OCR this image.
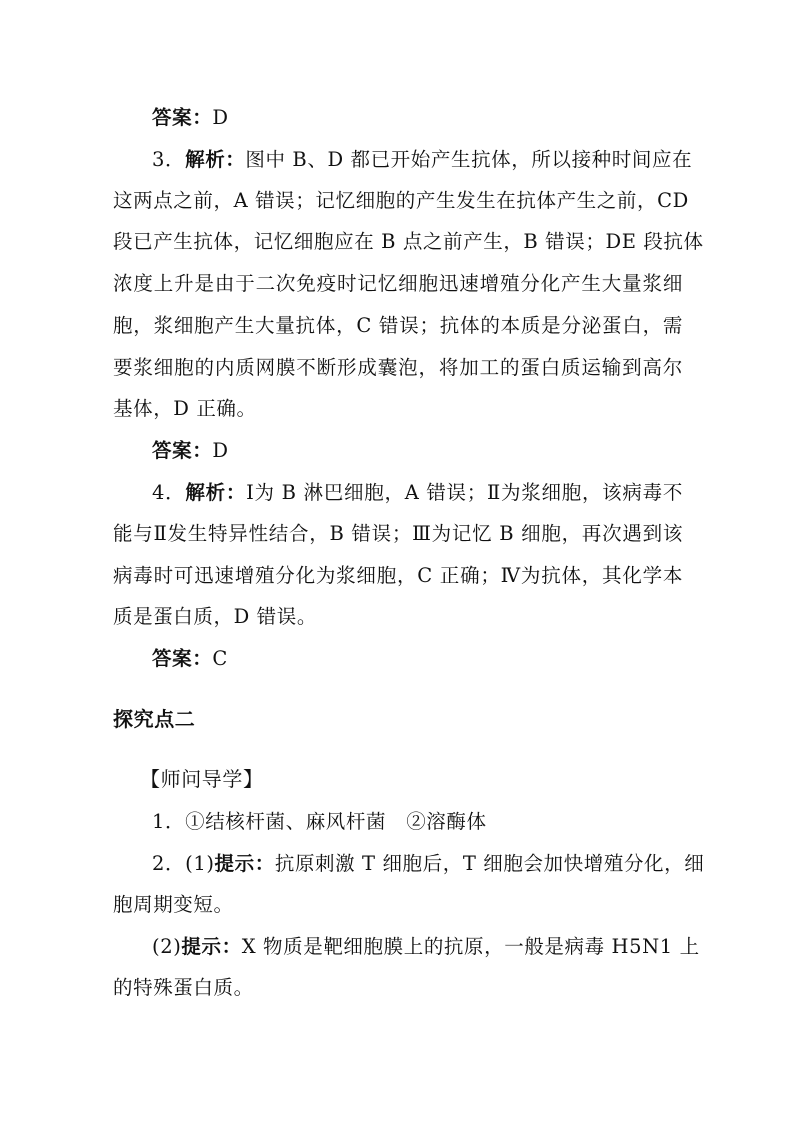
答案：D
3．解析：图中 B、D 都已开始产生抗体，所以接种时间应在
这两点之前，A 错误；记忆细胞的产生发生在抗体产生之前，CD
段已产生抗体，记忆细胞应在 B 点之前产生，B 错误；DE 段抗体
浓度上升是由于二次免疫时记忆细胞迅速增殖分化产生大量浆细
胞，浆细胞产生大量抗体，C 错误；抗体的本质是分泌蛋白，需
要浆细胞的内质网膜不断形成囊泡，将加工的蛋白质运输到高尔
基体，D 正确。
答案：D
4．解析：Ⅰ为 B 淋巴细胞，A 错误；Ⅱ为浆细胞，该病毒不
能与Ⅱ发生特异性结合，B 错误；Ⅲ为记忆 B 细胞，再次遇到该
病毒时可迅速增殖分化为浆细胞，C 正确；Ⅳ为抗体，其化学本
质是蛋白质，D 错误。
答案：C
探究点二
【师问导学】
1．①结核杆菌、麻风杆菌　②溶酶体
2．(1)提示：抗原刺激 T 细胞后，T 细胞会加快增殖分化，细
胞周期变短。
(2)提示：X 物质是靶细胞膜上的抗原，一般是病毒 H5N1 上
的特殊蛋白质。
